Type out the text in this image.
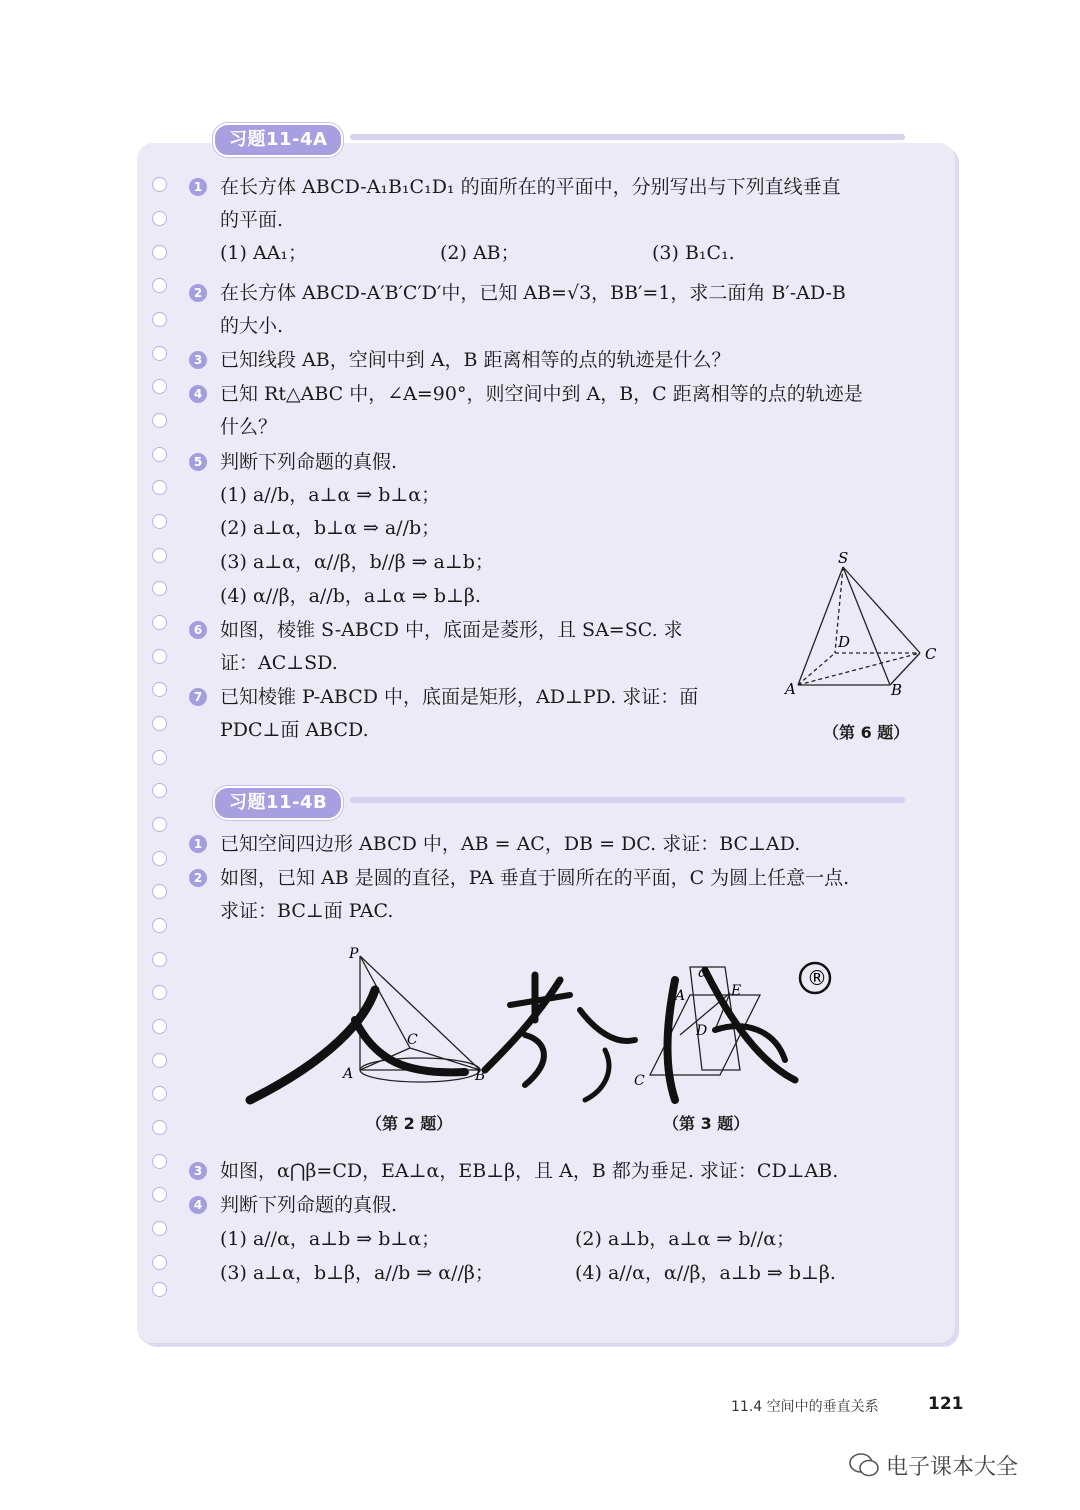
习题11-4A
1 在长方体 ABCD-A₁B₁C₁D₁ 的面所在的平面中，分别写出与下列直线垂直
的平面.
(1) AA₁；	(2) AB；	(3) B₁C₁.
2 在长方体 ABCD-A′B′C′D′中，已知 AB=√3，BB′=1，求二面角 B′-AD-B
的大小.
3 已知线段 AB，空间中到 A，B 距离相等的点的轨迹是什么？
4 已知 Rt△ABC 中，∠A=90°，则空间中到 A，B，C 距离相等的点的轨迹是
什么？
5 判断下列命题的真假.
(1) a//b，a⊥α ⇒ b⊥α；
(2) a⊥α，b⊥α ⇒ a//b；
(3) a⊥α，α//β，b//β ⇒ a⊥b；
(4) α//β，a//b，a⊥α ⇒ b⊥β.
6 如图，棱锥 S-ABCD 中，底面是菱形，且 SA=SC. 求
证：AC⊥SD.
7 已知棱锥 P-ABCD 中，底面是矩形，AD⊥PD. 求证：面
PDC⊥面 ABCD.
S
A	B
C
D
（第 6 题）
习题11-4B
1 已知空间四边形 ABCD 中，AB = AC，DB = DC. 求证：BC⊥AD.
2 如图，已知 AB 是圆的直径，PA 垂直于圆所在的平面，C 为圆上任意一点.
求证：BC⊥面 PAC.
P
A	B
C
（第 2 题）
α
A	E
D
C
（第 3 题）
®
3 如图，α⋂β=CD，EA⊥α，EB⊥β，且 A，B 都为垂足. 求证：CD⊥AB.
4 判断下列命题的真假.
(1) a//α，a⊥b ⇒ b⊥α；	(2) a⊥b，a⊥α ⇒ b//α；
(3) a⊥α，b⊥β，a//b ⇒ α//β；	(4) a//α，α//β，a⊥b ⇒ b⊥β.
11.4 空间中的垂直关系	121
电子课本大全
